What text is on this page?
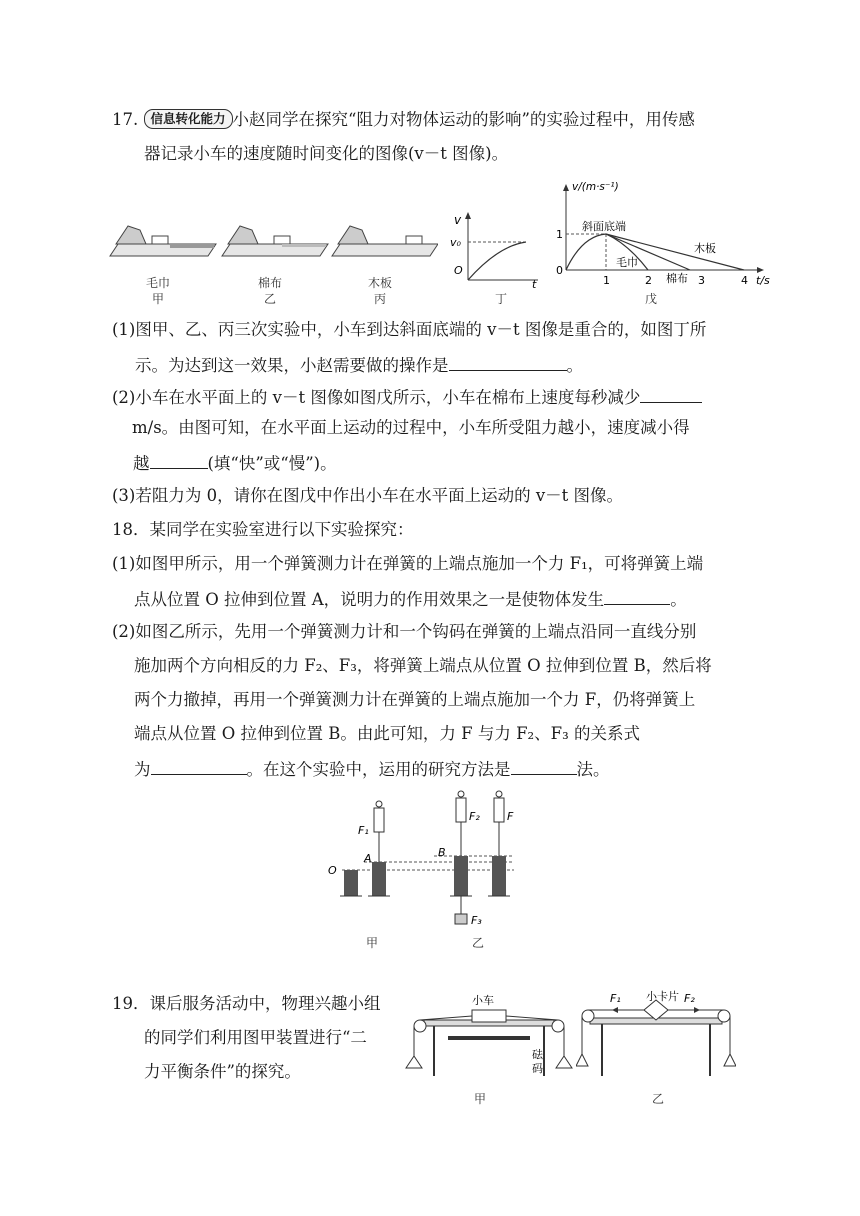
17. 信息转化能力 小赵同学在探究“阻力对物体运动的影响”的实验过程中，用传感
器记录小车的速度随时间变化的图像(v－t 图像)。
毛巾
甲
棉布
乙
木板
丙
v
v₀
O
t
丁
v/(m·s⁻¹)
斜面底端
毛巾
棉布
木板
1
0
1	2	3	4 t/s
戊
(1)图甲、乙、丙三次实验中，小车到达斜面底端的 v－t 图像是重合的，如图丁所
示。为达到这一效果，小赵需要做的操作是	。
(2)小车在水平面上的 v－t 图像如图戊所示，小车在棉布上速度每秒减少
m/s。由图可知，在水平面上运动的过程中，小车所受阻力越小，速度减小得
越	(填“快”或“慢”)。
(3)若阻力为 0，请你在图戊中作出小车在水平面上运动的 v－t 图像。
18．某同学在实验室进行以下实验探究：
(1)如图甲所示，用一个弹簧测力计在弹簧的上端点施加一个力 F₁，可将弹簧上端
点从位置 O 拉伸到位置 A，说明力的作用效果之一是使物体发生	。
(2)如图乙所示，先用一个弹簧测力计和一个钩码在弹簧的上端点沿同一直线分别
施加两个方向相反的力 F₂、F₃，将弹簧上端点从位置 O 拉伸到位置 B，然后将
两个力撤掉，再用一个弹簧测力计在弹簧的上端点施加一个力 F，仍将弹簧上
端点从位置 O 拉伸到位置 B。由此可知，力 F 与力 F₂、F₃ 的关系式
为	。在这个实验中，运用的研究方法是	法。
F₁
A
O
B
F₂ F
F₃
甲	乙
19．课后服务活动中，物理兴趣小组
的同学们利用图甲装置进行“二
力平衡条件”的探究。
小车
砝
码
甲
F₁ 小卡片 F₂
乙
